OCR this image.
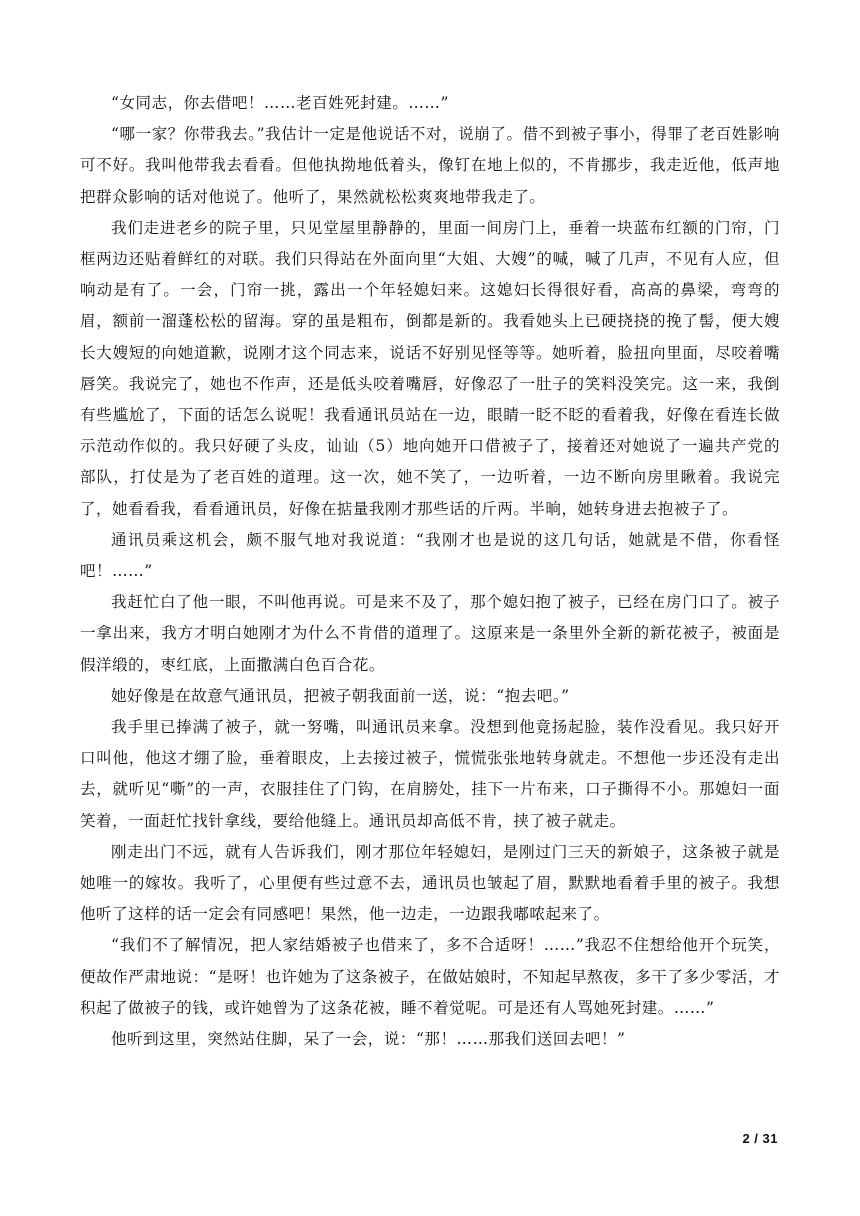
“女同志，你去借吧！……老百姓死封建。……”

“哪一家？你带我去。”我估计一定是他说话不对，说崩了。借不到被子事小，得罪了老百姓影响可不好。我叫他带我去看看。但他执拗地低着头，像钉在地上似的，不肯挪步，我走近他，低声地把群众影响的话对他说了。他听了，果然就松松爽爽地带我走了。

我们走进老乡的院子里，只见堂屋里静静的，里面一间房门上，垂着一块蓝布红额的门帘，门框两边还贴着鲜红的对联。我们只得站在外面向里“大姐、大嫂”的喊，喊了几声，不见有人应，但响动是有了。一会，门帘一挑，露出一个年轻媳妇来。这媳妇长得很好看，高高的鼻梁，弯弯的眉，额前一溜蓬松松的留海。穿的虽是粗布，倒都是新的。我看她头上已硬挠挠的挽了髻，便大嫂长大嫂短的向她道歉，说刚才这个同志来，说话不好别见怪等等。她听着，脸扭向里面，尽咬着嘴唇笑。我说完了，她也不作声，还是低头咬着嘴唇，好像忍了一肚子的笑料没笑完。这一来，我倒有些尴尬了，下面的话怎么说呢！我看通讯员站在一边，眼睛一眨不眨的看着我，好像在看连长做示范动作似的。我只好硬了头皮，讪讪（5）地向她开口借被子了，接着还对她说了一遍共产党的部队，打仗是为了老百姓的道理。这一次，她不笑了，一边听着，一边不断向房里瞅着。我说完了，她看看我，看看通讯员，好像在掂量我刚才那些话的斤两。半晌，她转身进去抱被子了。

通讯员乘这机会，颇不服气地对我说道：“我刚才也是说的这几句话，她就是不借，你看怪吧！……”

我赶忙白了他一眼，不叫他再说。可是来不及了，那个媳妇抱了被子，已经在房门口了。被子一拿出来，我方才明白她刚才为什么不肯借的道理了。这原来是一条里外全新的新花被子，被面是假洋缎的，枣红底，上面撒满白色百合花。

她好像是在故意气通讯员，把被子朝我面前一送，说：“抱去吧。”

我手里已捧满了被子，就一努嘴，叫通讯员来拿。没想到他竟扬起脸，装作没看见。我只好开口叫他，他这才绷了脸，垂着眼皮，上去接过被子，慌慌张张地转身就走。不想他一步还没有走出去，就听见“嘶”的一声，衣服挂住了门钩，在肩膀处，挂下一片布来，口子撕得不小。那媳妇一面笑着，一面赶忙找针拿线，要给他缝上。通讯员却高低不肯，挟了被子就走。

刚走出门不远，就有人告诉我们，刚才那位年轻媳妇，是刚过门三天的新娘子，这条被子就是她唯一的嫁妆。我听了，心里便有些过意不去，通讯员也皱起了眉，默默地看着手里的被子。我想他听了这样的话一定会有同感吧！果然，他一边走，一边跟我嘟哝起来了。

“我们不了解情况，把人家结婚被子也借来了，多不合适呀！……”我忍不住想给他开个玩笑，便故作严肃地说：“是呀！也许她为了这条被子，在做姑娘时，不知起早熬夜，多干了多少零活，才积起了做被子的钱，或许她曾为了这条花被，睡不着觉呢。可是还有人骂她死封建。……”

他听到这里，突然站住脚，呆了一会，说：“那！……那我们送回去吧！”

2 / 31
